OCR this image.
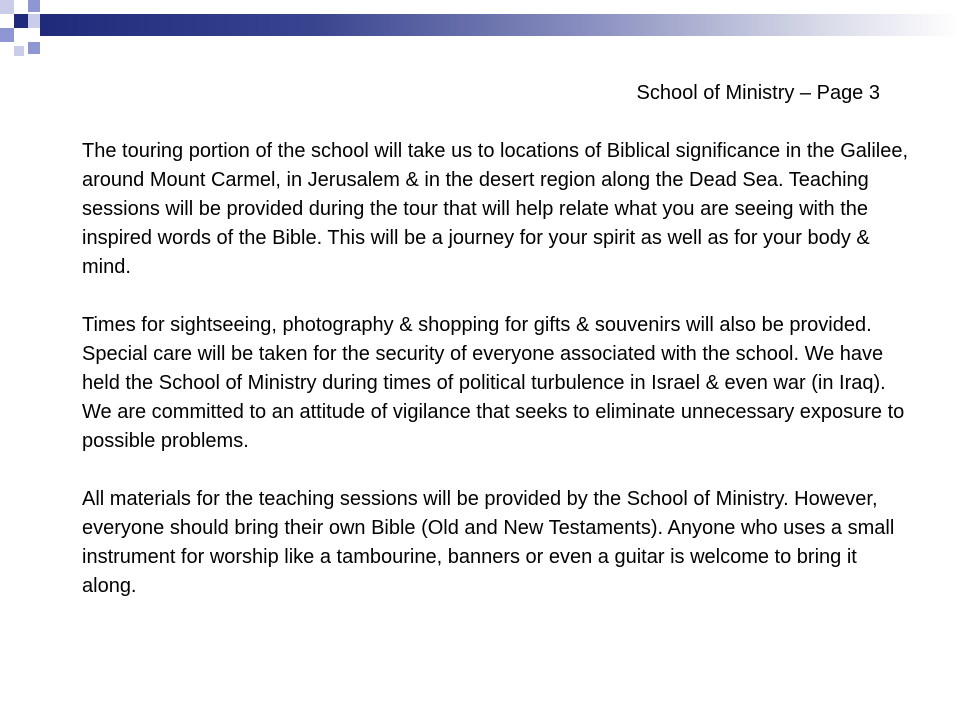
School of Ministry – Page 3

The touring portion of the school will take us to locations of Biblical significance in the Galilee, around Mount Carmel, in Jerusalem & in the desert region along the Dead Sea. Teaching sessions will be provided during the tour that will help relate what you are seeing with the inspired words of the Bible. This will be a journey for your spirit as well as for your body & mind.

Times for sightseeing, photography & shopping for gifts & souvenirs will also be provided. Special care will be taken for the security of everyone associated with the school. We have held the School of Ministry during times of political turbulence in Israel & even war (in Iraq). We are committed to an attitude of vigilance that seeks to eliminate unnecessary exposure to possible problems.

All materials for the teaching sessions will be provided by the School of Ministry. However, everyone should bring their own Bible (Old and New Testaments). Anyone who uses a small instrument for worship like a tambourine, banners or even a guitar is welcome to bring it along.
